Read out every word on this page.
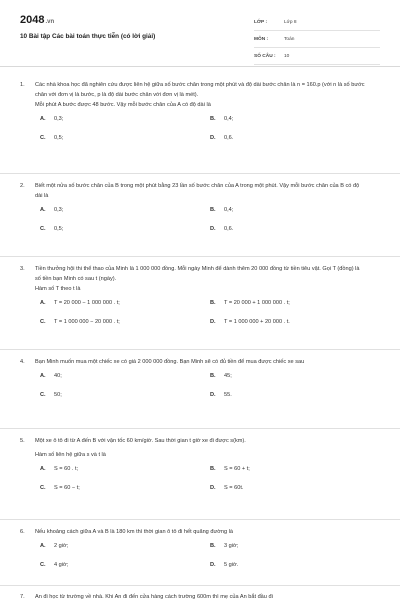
2048.vn
10 Bài tập Các bài toán thực tiễn (có lời giải)
LỚP :	Lớp 8
MÔN :	Toán
SỐ CÂU :	10
1.	Các nhà khoa học đã nghiên cứu được liên hệ giữa số bước chân trong một phút và độ dài bước chân là n = 160.p (với n là số bước chân với đơn vị là bước, p là độ dài bước chân với đơn vị là mét).
Mỗi phút A bước được 48 bước. Vậy mỗi bước chân của A có độ dài là
A. 0,3;	B. 0,4;
C. 0,5;	D. 0,6.
2.	Biết một nửa số bước chân của B trong một phút bằng 23 lần số bước chân của A trong một phút. Vậy mỗi bước chân của B có độ dài là
A. 0,3;	B. 0,4;
C. 0,5;	D. 0,6.
3.	Tiền thưởng hội thi thể thao của Minh là 1 000 000 đồng. Mỗi ngày Minh để dành thêm 20 000 đồng từ tiền tiêu vặt. Gọi T (đồng) là số tiền bạn Minh có sau t (ngày).
Hàm số T theo t là
A. T = 20 000 − 1 000 000 . t;	B. T = 20 000 + 1 000 000 . t;
C. T = 1 000 000 − 20 000 . t;	D. T = 1 000 000 + 20 000 . t.
4.	Bạn Minh muốn mua một chiếc xe có giá 2 000 000 đồng. Bạn Minh sẽ có đủ tiền để mua được chiếc xe sau
A. 40;	B. 45;
C. 50;	D. 55.
5.	Một xe ô tô đi từ A đến B với vận tốc 60 km/giờ. Sau thời gian t giờ xe đi được s(km).
Hàm số liên hệ giữa s và t là
A. S = 60 . t;	B. S = 60 + t;
C. S = 60 − t;	D. S = 60t.
6.	Nếu khoảng cách giữa A và B là 180 km thì thời gian ô tô đi hết quãng đường là
A. 2 giờ;	B. 3 giờ;
C. 4 giờ;	D. 5 giờ.
7.	An đi học từ trường về nhà. Khi An đi đến cửa hàng cách trường 600m thì mẹ của An bắt đầu đi
